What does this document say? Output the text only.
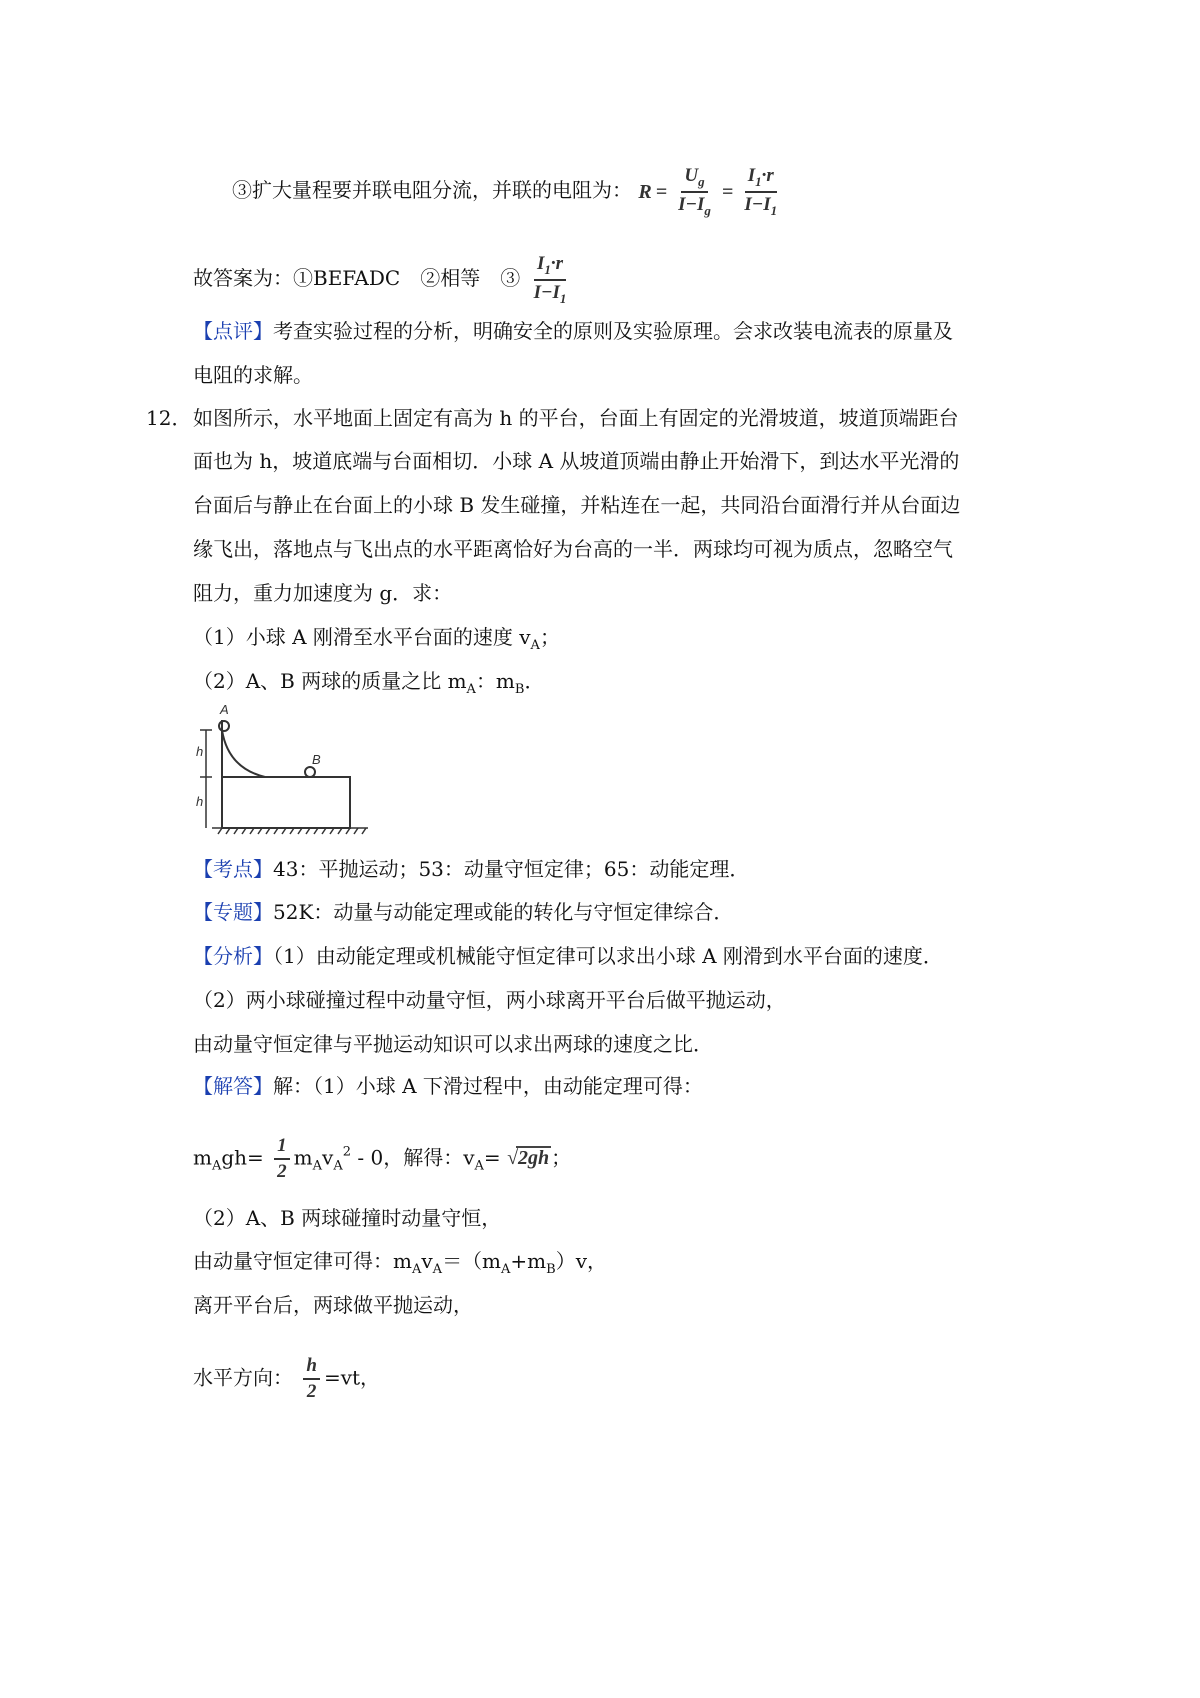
③扩大量程要并联电阻分流，并联的电阻为： $R = \frac{U_g}{I-I_g} = \frac{I_1\cdot r}{I-I_1}$
故答案为：①BEFADC　②相等　③ $\frac{I_1\cdot r}{I-I_1}$
【点评】考查实验过程的分析，明确安全的原则及实验原理。会求改装电流表的原量及
电阻的求解。
12． 如图所示，水平地面上固定有高为 h 的平台，台面上有固定的光滑坡道，坡道顶端距台
面也为 h，坡道底端与台面相切．小球 A 从坡道顶端由静止开始滑下，到达水平光滑的
台面后与静止在台面上的小球 B 发生碰撞，并粘连在一起，共同沿台面滑行并从台面边
缘飞出，落地点与飞出点的水平距离恰好为台高的一半．两球均可视为质点，忽略空气
阻力，重力加速度为 g．求：
（1）小球 A 刚滑至水平台面的速度 $v_A$；
（2）A、B 两球的质量之比 $m_A$：$m_B$．
A
B
h
h
【考点】43：平抛运动；53：动量守恒定律；65：动能定理．
【专题】52K：动量与动能定理或能的转化与守恒定律综合．
【分析】（1）由动能定理或机械能守恒定律可以求出小球 A 刚滑到水平台面的速度．
（2）两小球碰撞过程中动量守恒，两小球离开平台后做平抛运动，
由动量守恒定律与平抛运动知识可以求出两球的速度之比．
【解答】解：（1）小球 A 下滑过程中，由动能定理可得：
$m_Agh= \frac{1}{2} m_Av_A^2 - 0$，解得：$v_A= √2gh$ ；
（2）A、B 两球碰撞时动量守恒，
由动量守恒定律可得：$m_Av_A=(m_A+m_B)v$，
离开平台后，两球做平抛运动，
水平方向： $\frac{h}{2} =vt$，
